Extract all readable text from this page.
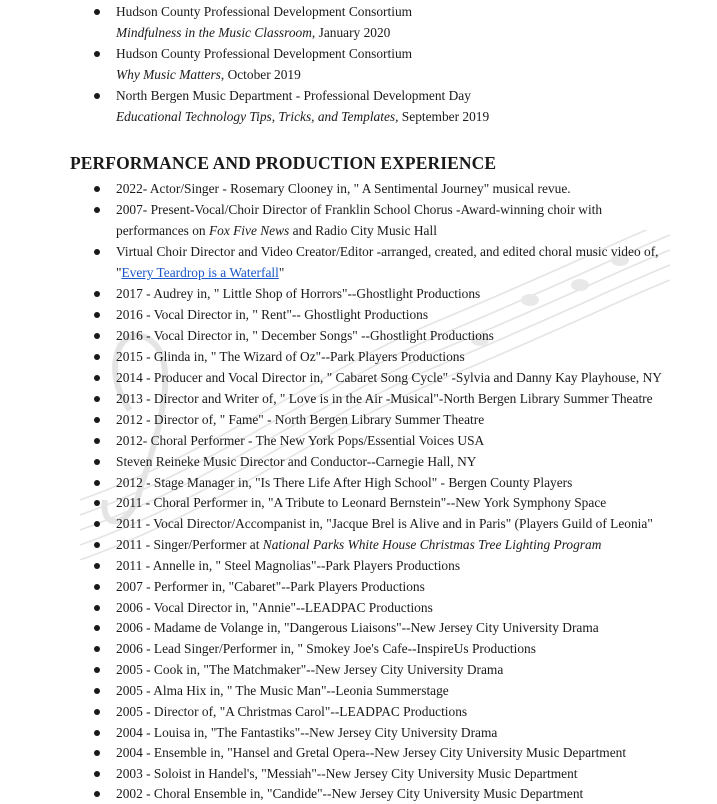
Hudson County Professional Development Consortium
Mindfulness in the Music Classroom, January 2020
Hudson County Professional Development Consortium
Why Music Matters, October 2019
North Bergen Music Department - Professional Development Day
Educational Technology Tips, Tricks, and Templates, September 2019
PERFORMANCE AND PRODUCTION EXPERIENCE
2022- Actor/Singer - Rosemary Clooney in, " A Sentimental Journey" musical revue.
2007- Present-Vocal/Choir Director of Franklin School Chorus -Award-winning choir with performances on Fox Five News and Radio City Music Hall
Virtual Choir Director and Video Creator/Editor -arranged, created, and edited choral music video of, "Every Teardrop is a Waterfall"
2017 - Audrey in, " Little Shop of Horrors"--Ghostlight Productions
2016 - Vocal Director in, " Rent"-- Ghostlight Productions
2016 - Vocal Director in, " December Songs" --Ghostlight Productions
2015 - Glinda in, " The Wizard of Oz"--Park Players Productions
2014 - Producer and Vocal Director in, " Cabaret Song Cycle" -Sylvia and Danny Kay Playhouse, NY
2013 - Director and Writer of, " Love is in the Air -Musical"-North Bergen Library Summer Theatre
2012 - Director of, " Fame" - North Bergen Library Summer Theatre
2012- Choral Performer - The New York Pops/Essential Voices USA
Steven Reineke Music Director and Conductor--Carnegie Hall, NY
2012 - Stage Manager in, "Is There Life After High School" - Bergen County Players
2011 - Choral Performer in, "A Tribute to Leonard Bernstein"--New York Symphony Space
2011 - Vocal Director/Accompanist in, "Jacque Brel is Alive and in Paris" (Players Guild of Leonia"
2011 - Singer/Performer at National Parks White House Christmas Tree Lighting Program
2011 - Annelle in, " Steel Magnolias"--Park Players Productions
2007 - Performer in, "Cabaret"--Park Players Productions
2006 - Vocal Director in, "Annie"--LEADPAC Productions
2006 - Madame de Volange in, "Dangerous Liaisons"--New Jersey City University Drama
2006 - Lead Singer/Performer in, " Smokey Joe's Cafe--InspireUs Productions
2005 - Cook in, "The Matchmaker"--New Jersey City University Drama
2005 - Alma Hix in, " The Music Man"--Leonia Summerstage
2005 - Director of, "A Christmas Carol"--LEADPAC Productions
2004 - Louisa in, "The Fantastiks"--New Jersey City University Drama
2004 - Ensemble in, "Hansel and Gretal Opera--New Jersey City University Music Department
2003 - Soloist in Handel's, "Messiah"--New Jersey City University Music Department
2002 - Choral Ensemble in, "Candide"--New Jersey City University Music Department
